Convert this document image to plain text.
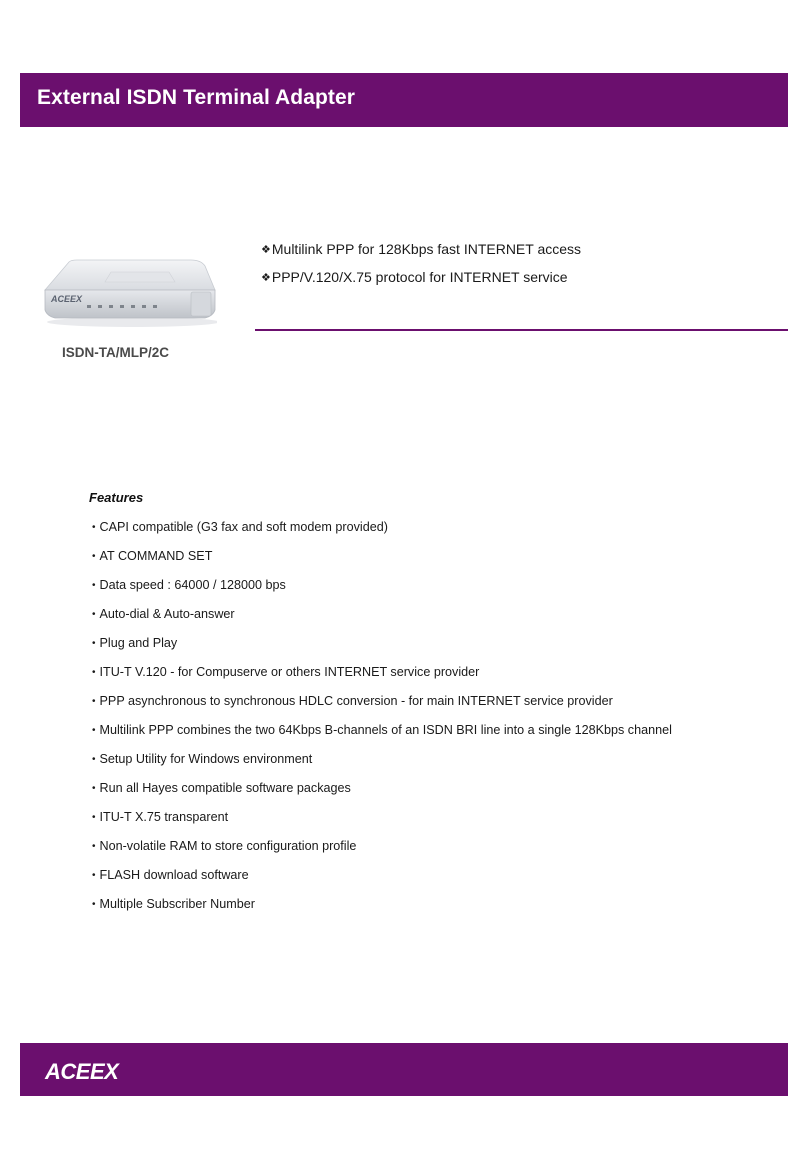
External ISDN Terminal Adapter
ACEEX

ISDN-TA/MLP/2C

❖Multilink PPP for 128Kbps fast INTERNET access
❖PPP/V.120/X.75 protocol for INTERNET service
Features
• CAPI compatible (G3 fax and soft modem provided)
• AT COMMAND SET
• Data speed : 64000 / 128000 bps
• Auto-dial & Auto-answer
• Plug and Play
• ITU-T V.120 - for Compuserve or others INTERNET service provider
• PPP asynchronous to synchronous HDLC conversion - for main INTERNET service provider
• Multilink PPP combines the two 64Kbps B-channels of an ISDN BRI line into a single 128Kbps channel
• Setup Utility for Windows environment
• Run all Hayes compatible software packages
• ITU-T X.75 transparent
• Non-volatile RAM to store configuration profile
• FLASH download software
• Multiple Subscriber Number
ACEEX
